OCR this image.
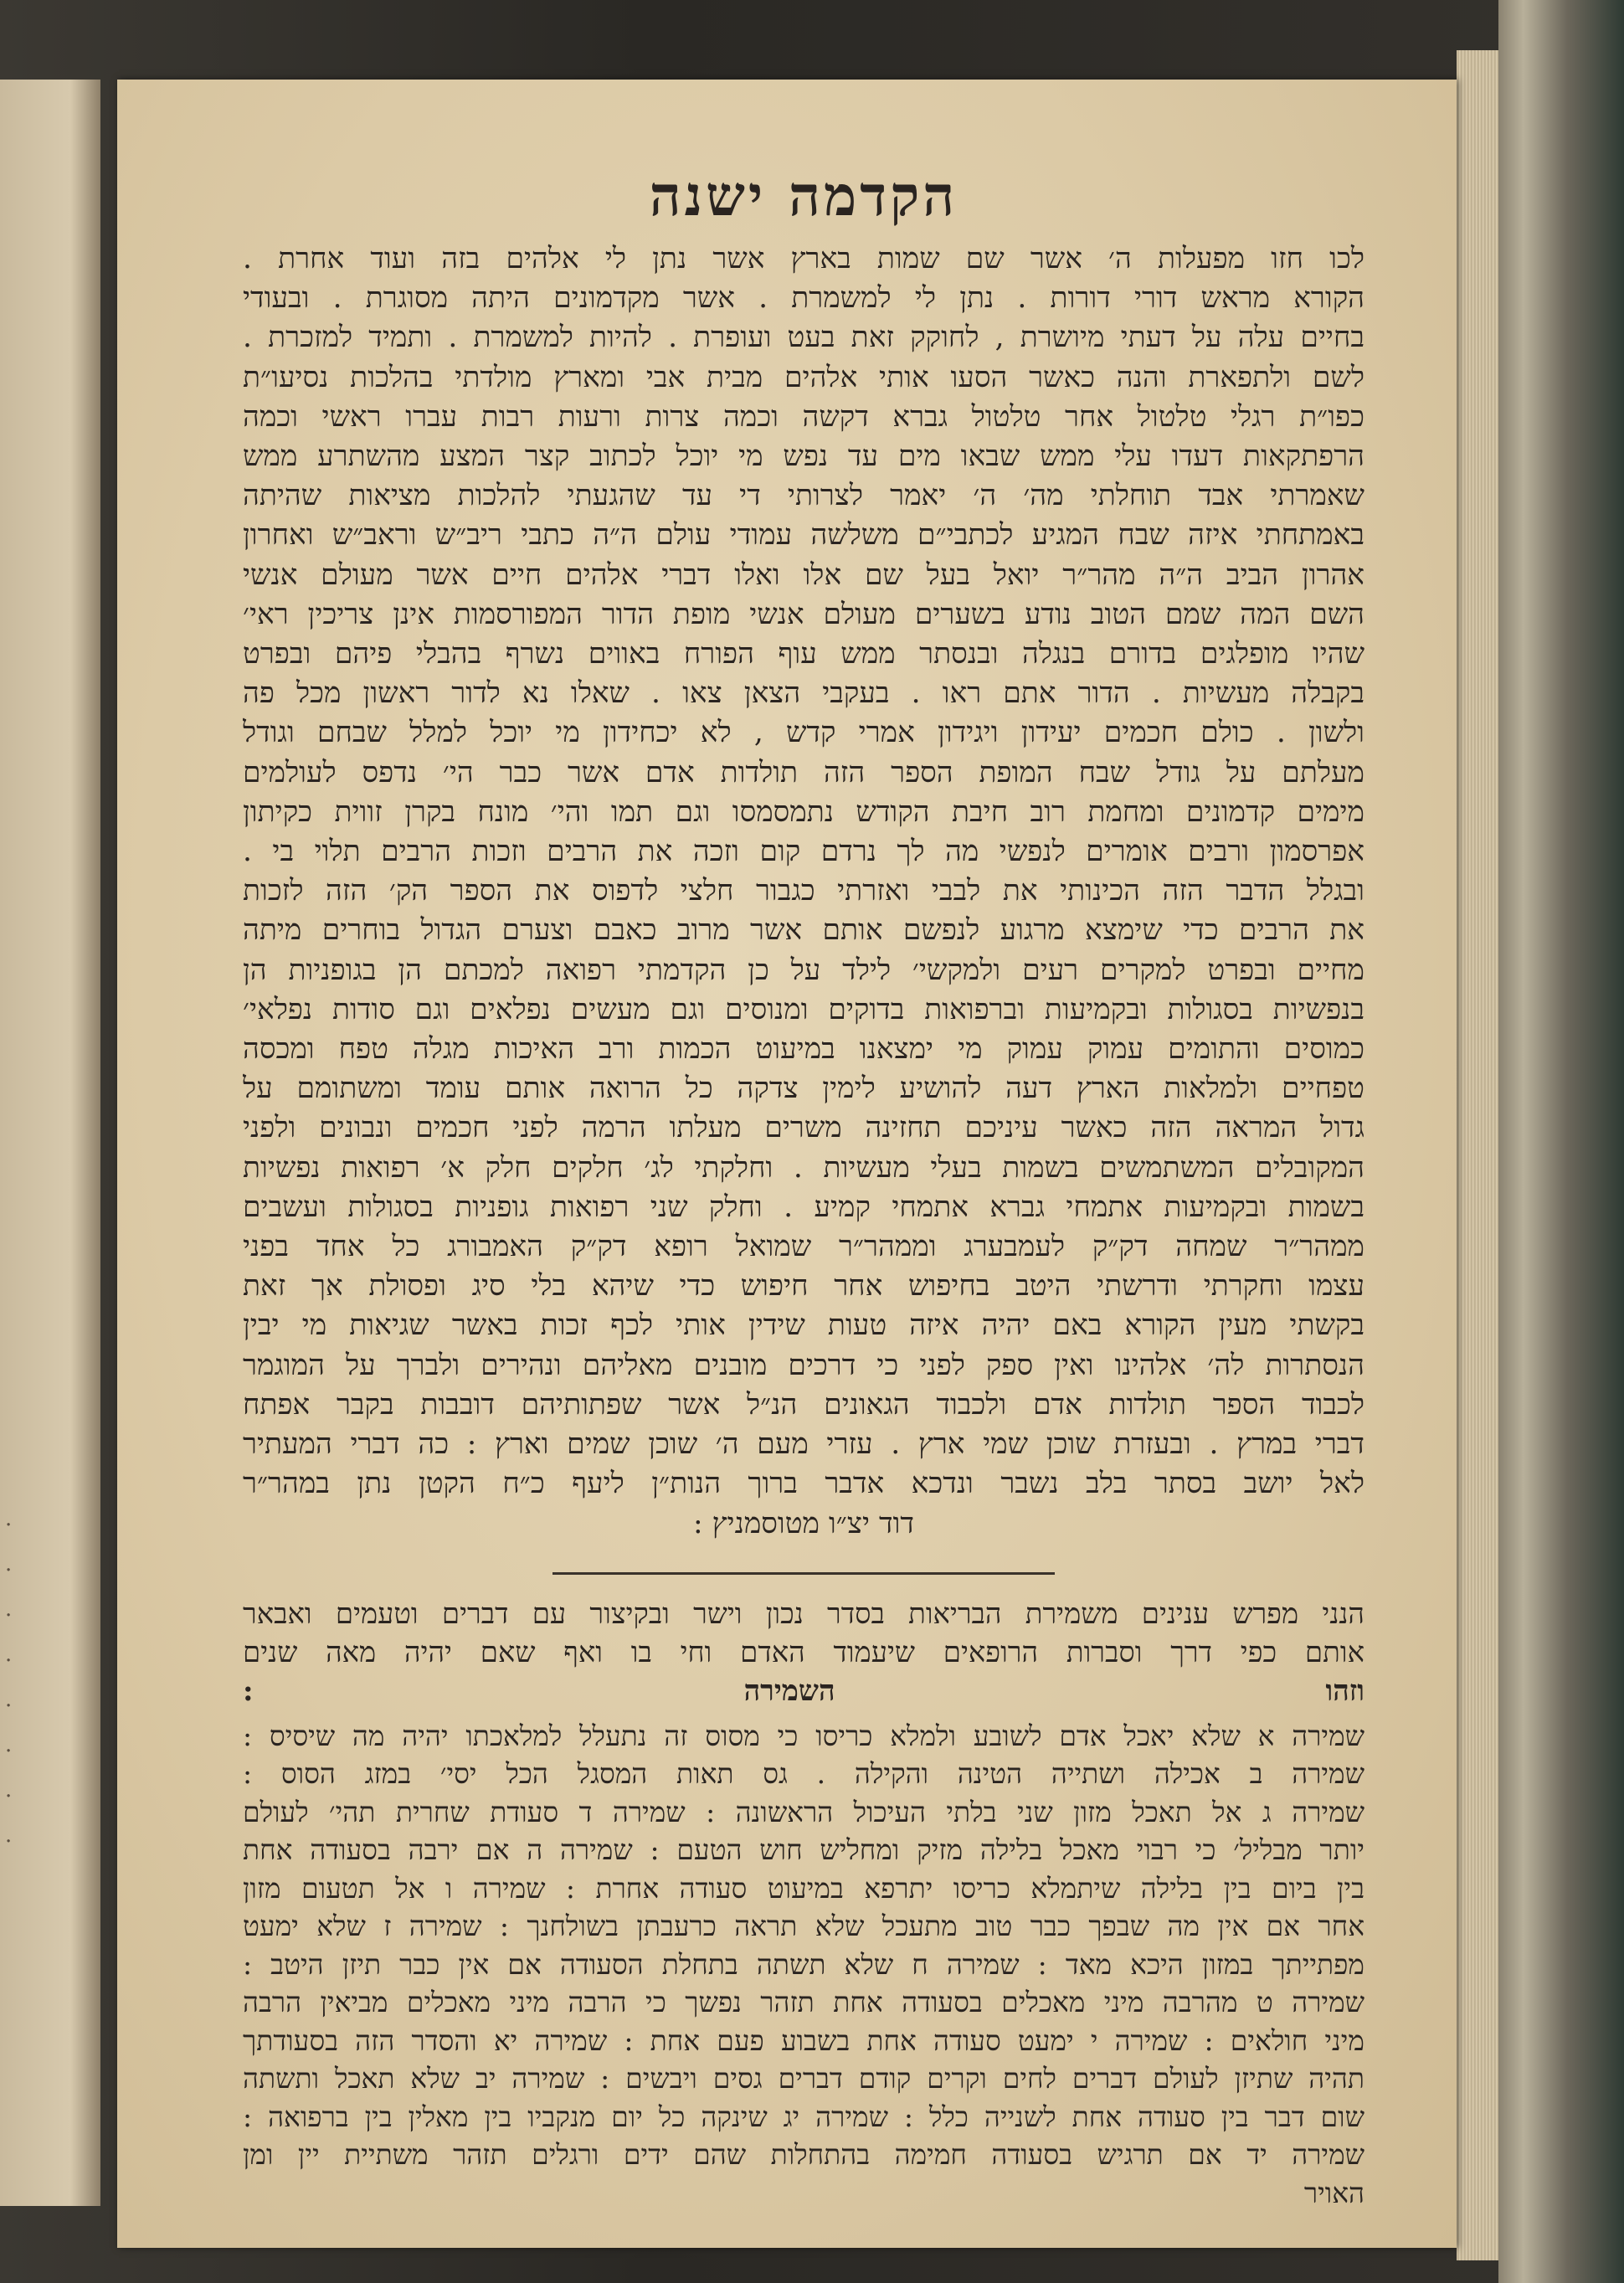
·
·
·
·
·
·
·
·
הקדמה ישנה
לכו חזו מפעלות ה׳ אשר שם שמות בארץ אשר נתן לי אלהים בזה ועוד אחרת .
הקורא מראש דורי דורות . נתן לי למשמרת . אשר מקדמונים היתה מסוגרת . ובעודי
בחיים עלה על דעתי מיושרת , לחוקק זאת בעט ועופרת . להיות למשמרת . ותמיד למזכרת .
לשם ולתפארת והנה כאשר הסעו אותי אלהים מבית אבי ומארץ מולדתי בהלכות נסיעו״ת
כפו״ת רגלי טלטול אחר טלטול גברא דקשה וכמה צרות ורעות רבות עברו ראשי וכמה
הרפתקאות דעדו עלי ממש שבאו מים עד נפש מי יוכל לכתוב קצר המצע מהשתרע ממש
שאמרתי אבד תוחלתי מה׳ ה׳ יאמר לצרותי די עד שהגעתי להלכות מציאות שהיתה
באמתחתי איזה שבח המגיע לכתבי״ם משלשה עמודי עולם ה״ה כתבי ריב״ש וראב״ש ואחרון
אהרון הביב ה״ה מהר״ר יואל בעל שם אלו ואלו דברי אלהים חיים אשר מעולם אנשי
השם המה שמם הטוב נודע בשערים מעולם אנשי מופת הדור המפורסמות אינן צריכין ראי׳
שהיו מופלגים בדורם בנגלה ובנסתר ממש עוף הפורח באווים נשרף בהבלי פיהם ובפרט
בקבלה מעשיות . הדור אתם ראו . בעקבי הצאן צאו . שאלו נא לדור ראשון מכל פה
ולשון . כולם חכמים יעידון ויגידון אמרי קדש , לא יכחידון מי יוכל למלל שבחם וגודל
מעלתם על גודל שבח המופת הספר הזה תולדות אדם אשר כבר הי׳ נדפס לעולמים
מימים קדמונים ומחמת רוב חיבת הקודש נתמסמסו וגם תמו והי׳ מונח בקרן זווית כקיתון
אפרסמון ורבים אומרים לנפשי מה לך נרדם קום וזכה את הרבים וזכות הרבים תלוי בי .
ובגלל הדבר הזה הכינותי את לבבי ואזרתי כגבור חלצי לדפוס את הספר הק׳ הזה לזכות
את הרבים כדי שימצא מרגוע לנפשם אותם אשר מרוב כאבם וצערם הגדול בוחרים מיתה
מחיים ובפרט למקרים רעים ולמקשי׳ לילד על כן הקדמתי רפואה למכתם הן בגופניות הן
בנפשיות בסגולות ובקמיעות וברפואות בדוקים ומנוסים וגם מעשים נפלאים וגם סודות נפלאי׳
כמוסים והתומים עמוק עמוק מי ימצאנו במיעוט הכמות ורב האיכות מגלה טפח ומכסה
טפחיים ולמלאות הארץ דעה להושיע לימין צדקה כל הרואה אותם עומד ומשתומם על
גדול המראה הזה כאשר עיניכם תחזינה משרים מעלתו הרמה לפני חכמים ונבונים ולפני
המקובלים המשתמשים בשמות בעלי מעשיות . וחלקתי לג׳ חלקים חלק א׳ רפואות נפשיות
בשמות ובקמיעות אתמחי גברא אתמחי קמיע . וחלק שני רפואות גופניות בסגולות ועשבים
ממהר״ר שמחה דק״ק לעמבערג וממהר״ר שמואל רופא דק״ק האמבורג כל אחד בפני
עצמו וחקרתי ודרשתי היטב בחיפוש אחר חיפוש כדי שיהא בלי סיג ופסולת אך זאת
בקשתי מעין הקורא באם יהיה איזה טעות שידין אותי לכף זכות באשר שגיאות מי יבין
הנסתרות לה׳ אלהינו ואין ספק לפני כי דרכים מובנים מאליהם ונהירים ולברך על המוגמר
לכבוד הספר תולדות אדם ולכבוד הגאונים הנ״ל אשר שפתותיהם דובבות בקבר אפתח
דברי במרץ . ובעזרת שוכן שמי ארץ . עזרי מעם ה׳ שוכן שמים וארץ : כה דברי המעתיר
לאל יושב בסתר בלב נשבר ונדכא אדבר ברוך הנות״ן ליעף כ״ח הקטן נתן במהר״ר
דוד יצ״ו מטוסמניץ :
הנני מפרש ענינים משמירת הבריאות בסדר נכון וישר ובקיצור עם דברים וטעמים ואבאר
אותם כפי דרך וסברות הרופאים שיעמוד האדם וחי בו ואף שאם יהיה מאה שנים
וזהו השמירה :
שמירה א שלא יאכל אדם לשובע ולמלא כריסו כי מסוס זה נתעלל למלאכתו יהיה מה שיסיס :
שמירה ב אכילה ושתייה הטינה והקילה . גס תאות המסגל הכל יסי׳ במזג הסוס :
שמירה ג אל תאכל מזון שני בלתי העיכול הראשונה : שמירה ד סעודת שחרית תהי׳ לעולם
יותר מבליל׳ כי רבוי מאכל בלילה מזיק ומחליש חוש הטעם : שמירה ה אם ירבה בסעודה אחת
בין ביום בין בלילה שיתמלא כריסו יתרפא במיעוט סעודה אחרת : שמירה ו אל תטעום מזון
אחר אם אין מה שבפך כבר טוב מתעכל שלא תראה כרעבתן בשולחנך : שמירה ז שלא ימעט
מפתייתך במזון היכא מאד : שמירה ח שלא תשתה בתחלת הסעודה אם אין כבר תיזן היטב :
שמירה ט מהרבה מיני מאכלים בסעודה אחת תזהר נפשך כי הרבה מיני מאכלים מביאין הרבה
מיני חולאים : שמירה י ימעט סעודה אחת בשבוע פעם אחת : שמירה יא והסדר הזה בסעודתך
תהיה שתיזן לעולם דברים לחים וקרים קודם דברים גסים ויבשים : שמירה יב שלא תאכל ותשתה
שום דבר בין סעודה אחת לשנייה כלל : שמירה יג שינקה כל יום מנקביו בין מאלין בין ברפואה :
שמירה יד אם תרגיש בסעודה חמימה בהתחלות שהם ידים ורגלים תזהר משתיית יין ומן
האויר
